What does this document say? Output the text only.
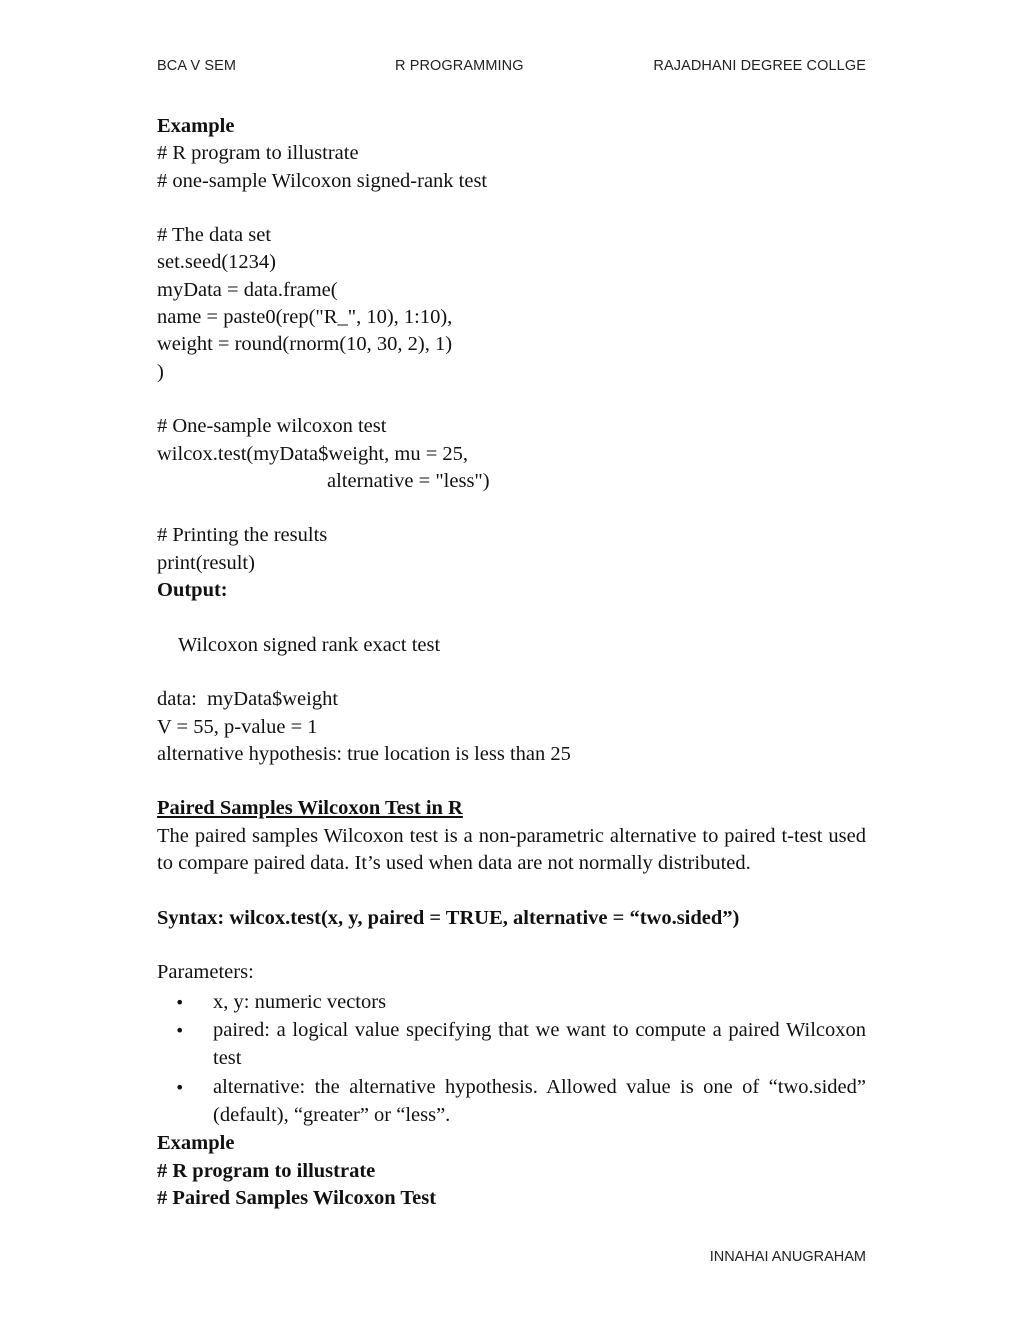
BCA V SEM	R PROGRAMMING	RAJADHANI DEGREE COLLGE
Example
# R program to illustrate
# one-sample Wilcoxon signed-rank test
# The data set
set.seed(1234)
myData = data.frame(
name = paste0(rep("R_", 10), 1:10),
weight = round(rnorm(10, 30, 2), 1)
)
# One-sample wilcoxon test
wilcox.test(myData$weight, mu = 25,
alternative = "less")
# Printing the results
print(result)
Output:
Wilcoxon signed rank exact test
data:  myData$weight
V = 55, p-value = 1
alternative hypothesis: true location is less than 25
Paired Samples Wilcoxon Test in R
The paired samples Wilcoxon test is a non-parametric alternative to paired t-test used to compare paired data. It’s used when data are not normally distributed.
Syntax: wilcox.test(x, y, paired = TRUE, alternative = “two.sided”)
Parameters:
• x, y: numeric vectors
• paired: a logical value specifying that we want to compute a paired Wilcoxon test
• alternative: the alternative hypothesis. Allowed value is one of “two.sided” (default), “greater” or “less”.
Example
# R program to illustrate
# Paired Samples Wilcoxon Test
INNAHAI ANUGRAHAM
